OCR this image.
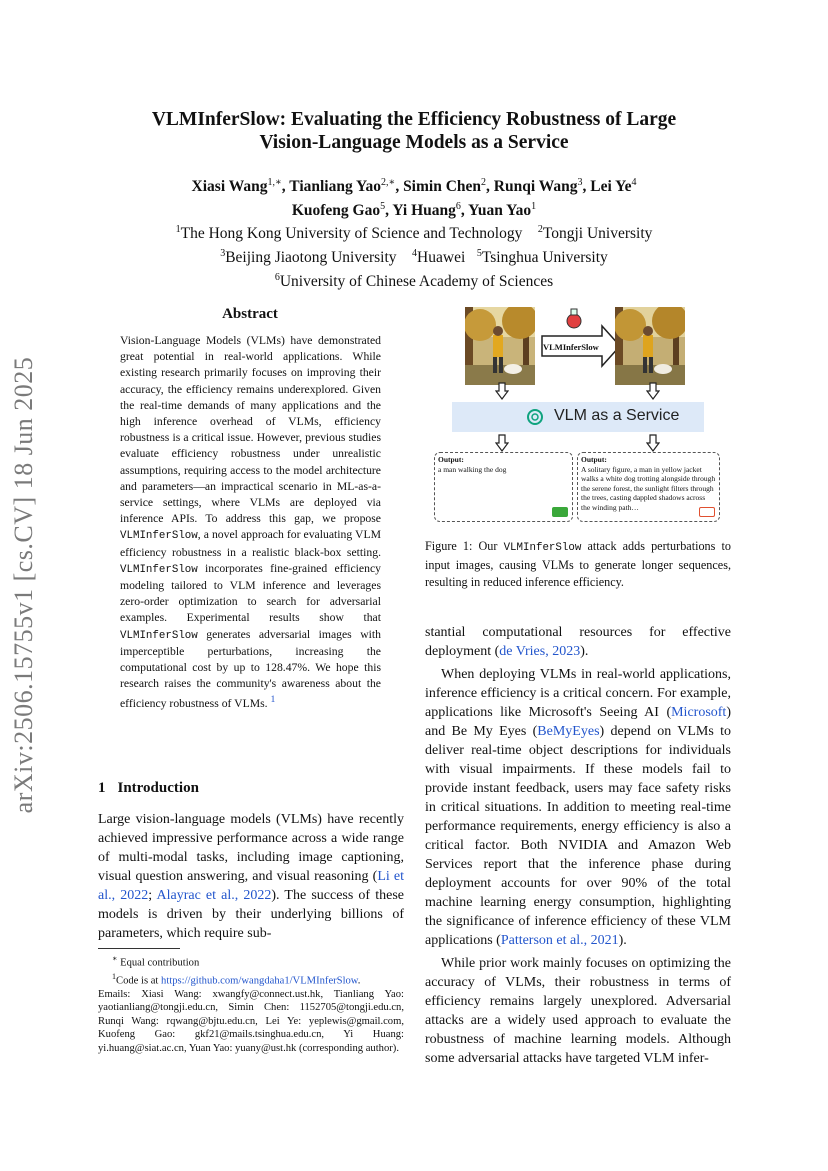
arXiv:2506.15755v1 [cs.CV] 18 Jun 2025
VLMInferSlow: Evaluating the Efficiency Robustness of Large
Vision-Language Models as a Service
Xiasi Wang$^{1,∗}$, Tianliang Yao$^{2,∗}$, Simin Chen$^2$, Runqi Wang$^3$, Lei Ye$^4$
Kuofeng Gao$^5$, Yi Huang$^6$, Yuan Yao$^1$
$^1$The Hong Kong University of Science and Technology $^2$Tongji University
$^3$Beijing Jiaotong University $^4$Huawei $^5$Tsinghua University
$^6$University of Chinese Academy of Sciences
Abstract
Vision-Language Models (VLMs) have demonstrated great potential in real-world applications. While existing research primarily focuses on improving their accuracy, the efficiency remains underexplored. Given the real-time demands of many applications and the high inference overhead of VLMs, efficiency robustness is a critical issue. However, previous studies evaluate efficiency robustness under unrealistic assumptions, requiring access to the model architecture and parameters—an impractical scenario in ML-as-a-service settings, where VLMs are deployed via inference APIs. To address this gap, we propose VLMInferSlow, a novel approach for evaluating VLM efficiency robustness in a realistic black-box setting. VLMInferSlow incorporates fine-grained efficiency modeling tailored to VLM inference and leverages zero-order optimization to search for adversarial examples. Experimental results show that VLMInferSlow generates adversarial images with imperceptible perturbations, increasing the computational cost by up to 128.47%. We hope this research raises the community's awareness about the efficiency robustness of VLMs. $^1$
1 Introduction
Large vision-language models (VLMs) have recently achieved impressive performance across a wide range of multi-modal tasks, including image captioning, visual question answering, and visual reasoning (Li et al., 2022; Alayrac et al., 2022). The success of these models is driven by their underlying billions of parameters, which require sub-
∗ Equal contribution
$^1$Code is at https://github.com/wangdaha1/VLMInferSlow.
Emails: Xiasi Wang: xwangfy@connect.ust.hk, Tianliang Yao: yaotianliang@tongji.edu.cn, Simin Chen: 1152705@tongji.edu.cn, Runqi Wang: rqwang@bjtu.edu.cn, Lei Ye: yeplewis@gmail.com, Kuofeng Gao: gkf21@mails.tsinghua.edu.cn, Yi Huang: yi.huang@siat.ac.cn, Yuan Yao: yuany@ust.hk (corresponding author).
VLMInferSlow
VLM as a Service
Output:
a man walking the dog
Output:
A solitary figure, a man in yellow jacket walks a white dog trotting alongside through the serene forest, the sunlight filters through the trees, casting dappled shadows across the winding path…
Figure 1: Our VLMInferSlow attack adds perturbations to input images, causing VLMs to generate longer sequences, resulting in reduced inference efficiency.

stantial computational resources for effective deployment (de Vries, 2023).

When deploying VLMs in real-world applications, inference efficiency is a critical concern. For example, applications like Microsoft's Seeing AI (Microsoft) and Be My Eyes (BeMyEyes) depend on VLMs to deliver real-time object descriptions for individuals with visual impairments. If these models fail to provide instant feedback, users may face safety risks in critical situations. In addition to meeting real-time performance requirements, energy efficiency is also a critical factor. Both NVIDIA and Amazon Web Services report that the inference phase during deployment accounts for over 90% of the total machine learning energy consumption, highlighting the significance of inference efficiency of these VLM applications (Patterson et al., 2021).

While prior work mainly focuses on optimizing the accuracy of VLMs, their robustness in terms of efficiency remains largely unexplored. Adversarial attacks are a widely used approach to evaluate the robustness of machine learning models. Although some adversarial attacks have targeted VLM infer-
